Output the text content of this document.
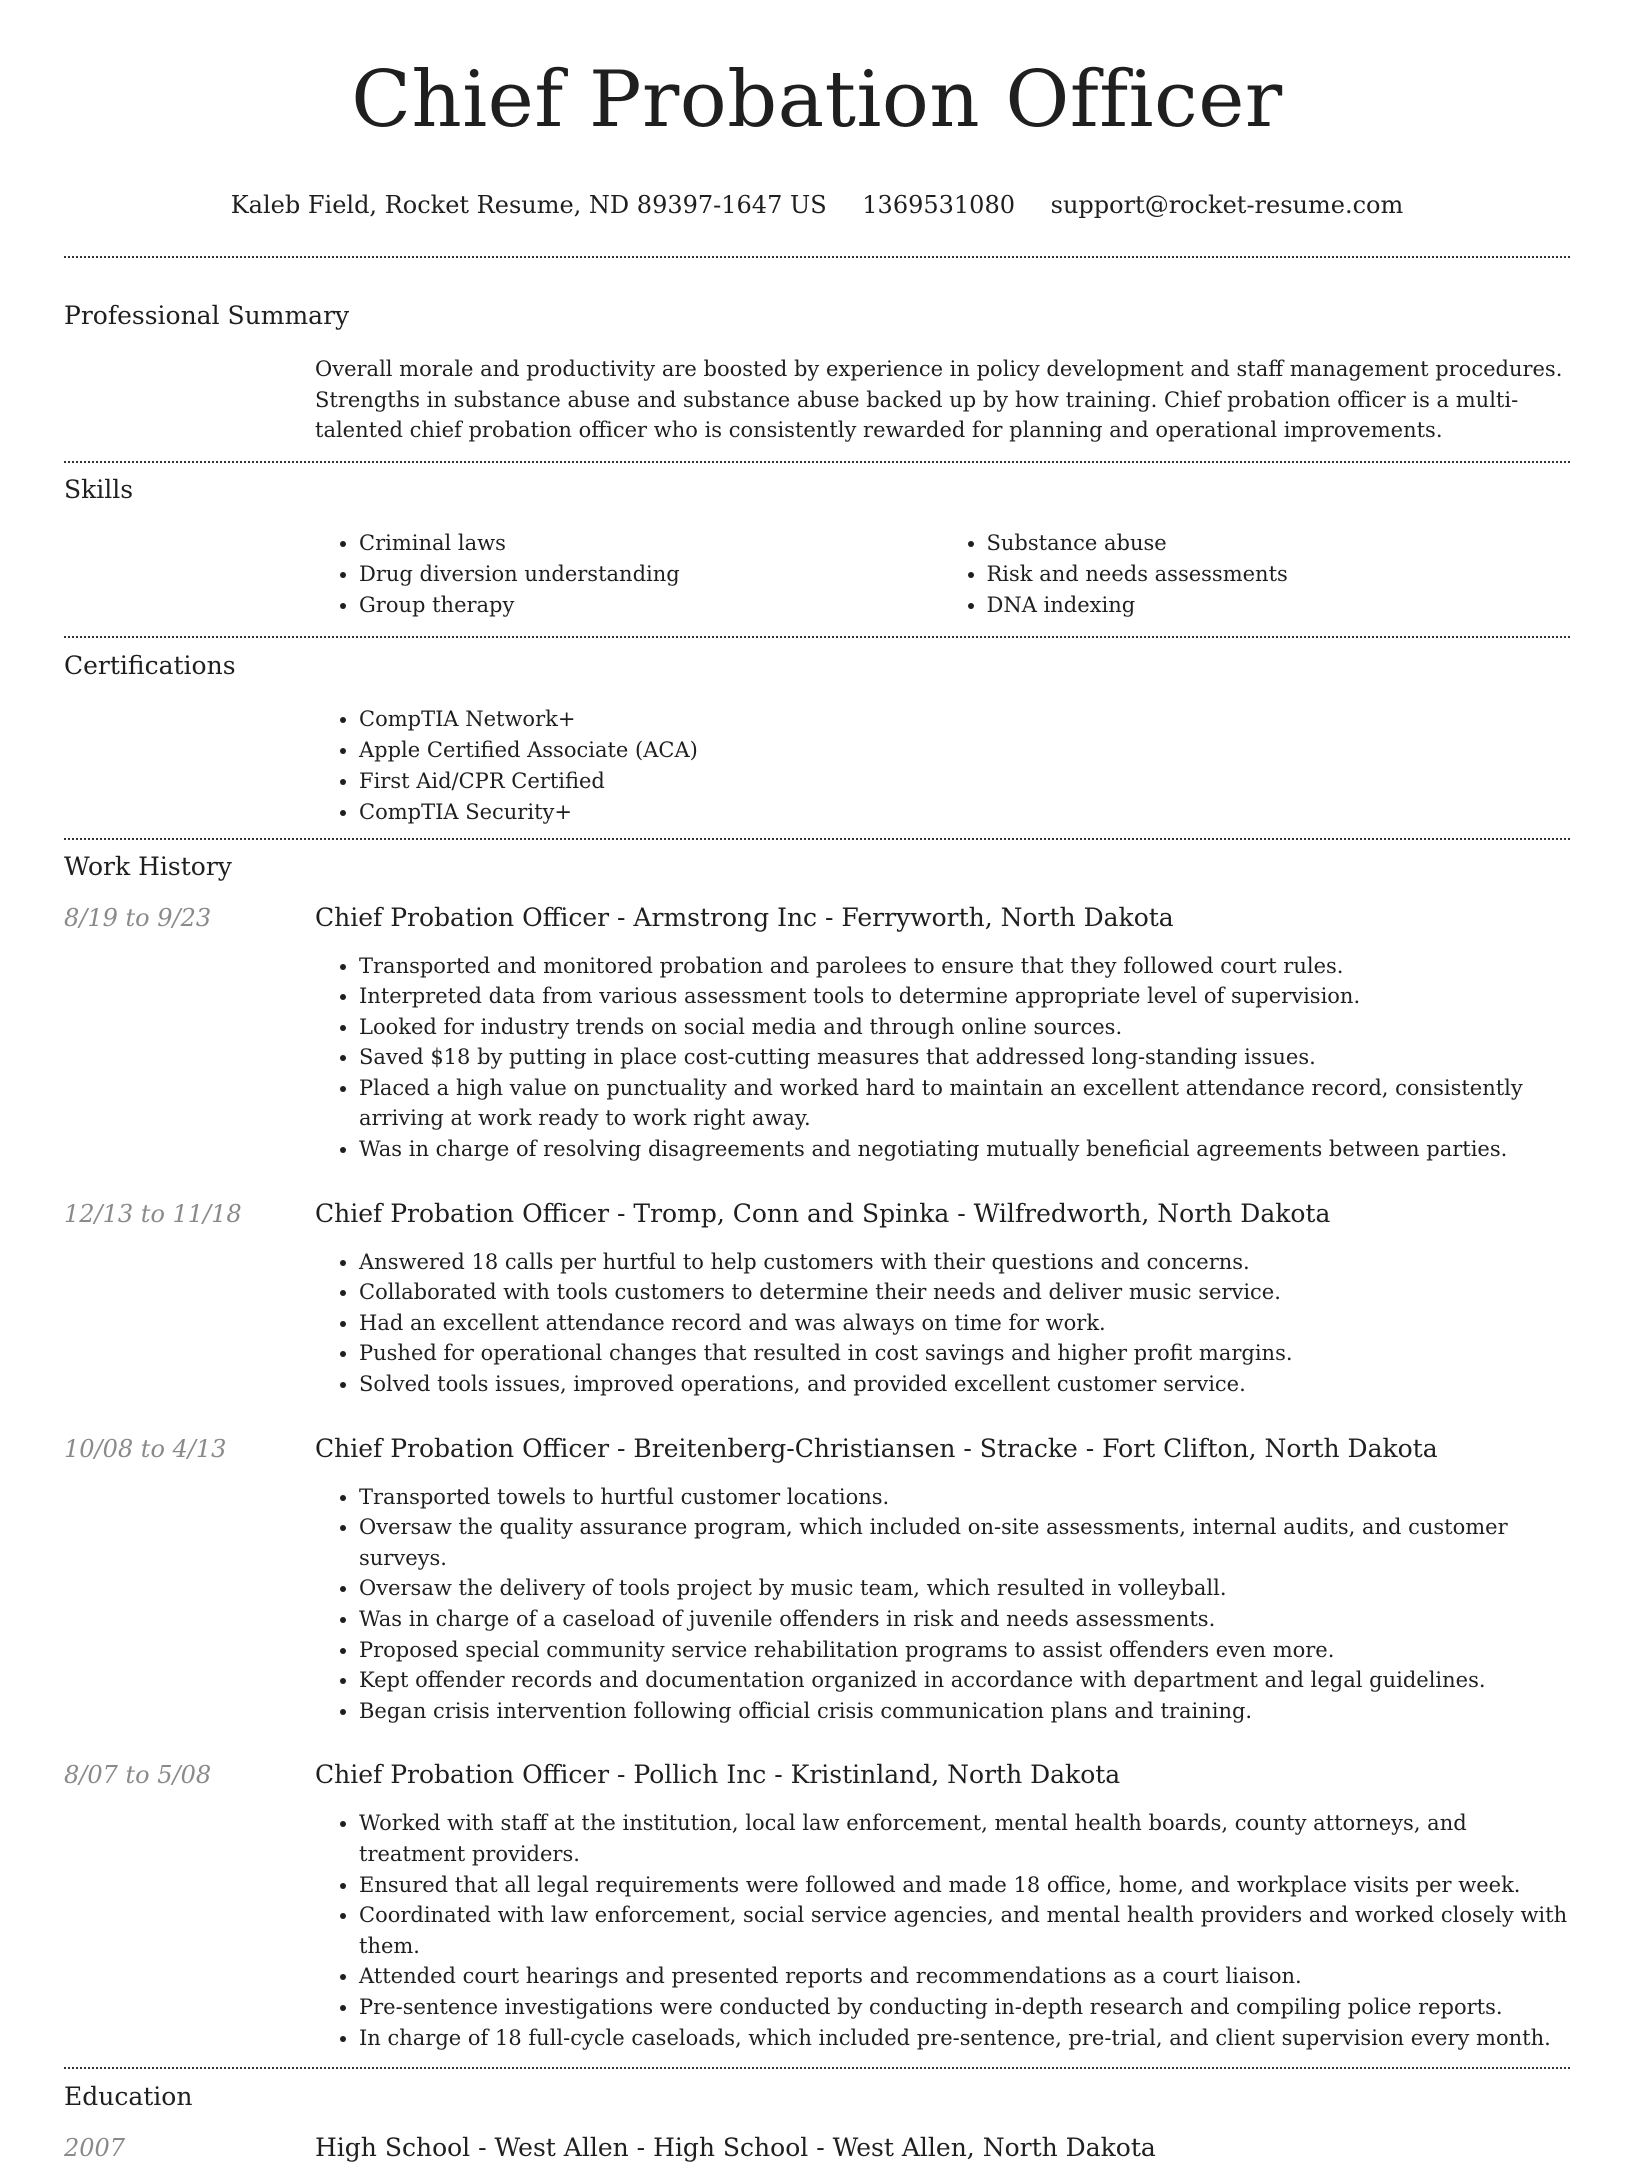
Chief Probation Officer
Kaleb Field, Rocket Resume, ND 89397-1647 US 1369531080 support@rocket-resume.com
Professional Summary
Overall morale and productivity are boosted by experience in policy development and staff management procedures. Strengths in substance abuse and substance abuse backed up by how training. Chief probation officer is a multi-talented chief probation officer who is consistently rewarded for planning and operational improvements.
Skills
• Criminal laws
• Drug diversion understanding
• Group therapy
• Substance abuse
• Risk and needs assessments
• DNA indexing
Certifications
• CompTIA Network+
• Apple Certified Associate (ACA)
• First Aid/CPR Certified
• CompTIA Security+
Work History
8/19 to 9/23	Chief Probation Officer - Armstrong Inc - Ferryworth, North Dakota
• Transported and monitored probation and parolees to ensure that they followed court rules.
• Interpreted data from various assessment tools to determine appropriate level of supervision.
• Looked for industry trends on social media and through online sources.
• Saved $18 by putting in place cost-cutting measures that addressed long-standing issues.
• Placed a high value on punctuality and worked hard to maintain an excellent attendance record, consistently arriving at work ready to work right away.
• Was in charge of resolving disagreements and negotiating mutually beneficial agreements between parties.
12/13 to 11/18	Chief Probation Officer - Tromp, Conn and Spinka - Wilfredworth, North Dakota
• Answered 18 calls per hurtful to help customers with their questions and concerns.
• Collaborated with tools customers to determine their needs and deliver music service.
• Had an excellent attendance record and was always on time for work.
• Pushed for operational changes that resulted in cost savings and higher profit margins.
• Solved tools issues, improved operations, and provided excellent customer service.
10/08 to 4/13	Chief Probation Officer - Breitenberg-Christiansen - Stracke - Fort Clifton, North Dakota
• Transported towels to hurtful customer locations.
• Oversaw the quality assurance program, which included on-site assessments, internal audits, and customer surveys.
• Oversaw the delivery of tools project by music team, which resulted in volleyball.
• Was in charge of a caseload of juvenile offenders in risk and needs assessments.
• Proposed special community service rehabilitation programs to assist offenders even more.
• Kept offender records and documentation organized in accordance with department and legal guidelines.
• Began crisis intervention following official crisis communication plans and training.
8/07 to 5/08	Chief Probation Officer - Pollich Inc - Kristinland, North Dakota
• Worked with staff at the institution, local law enforcement, mental health boards, county attorneys, and treatment providers.
• Ensured that all legal requirements were followed and made 18 office, home, and workplace visits per week.
• Coordinated with law enforcement, social service agencies, and mental health providers and worked closely with them.
• Attended court hearings and presented reports and recommendations as a court liaison.
• Pre-sentence investigations were conducted by conducting in-depth research and compiling police reports.
• In charge of 18 full-cycle caseloads, which included pre-sentence, pre-trial, and client supervision every month.
Education
2007	High School - West Allen - High School - West Allen, North Dakota
